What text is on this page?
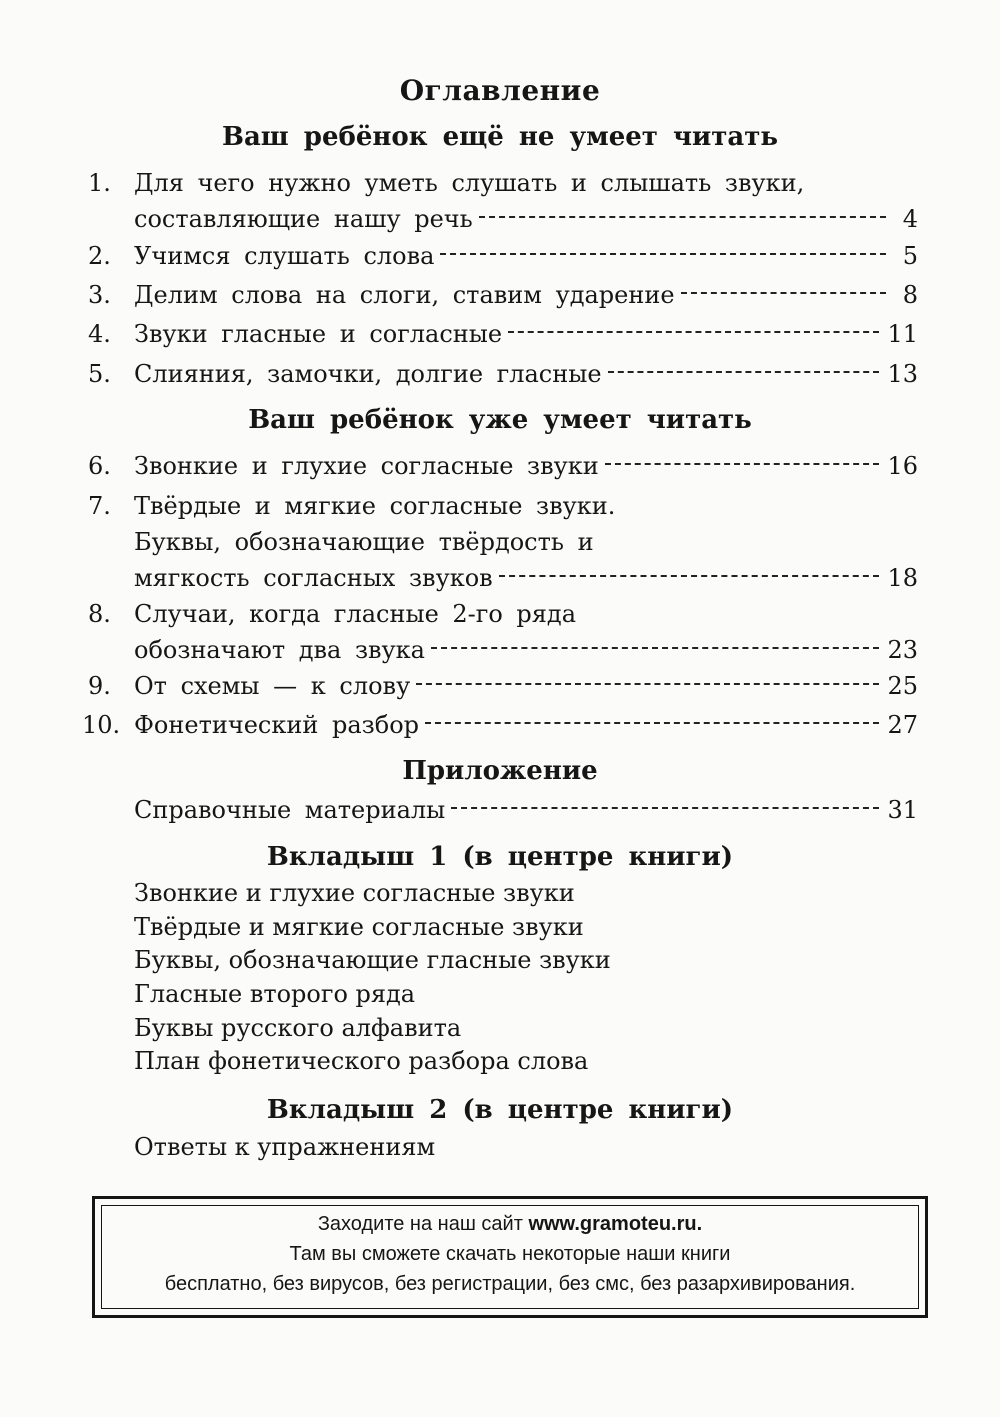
Оглавление
Ваш ребёнок ещё не умеет читать
1. Для чего нужно уметь слушать и слышать звуки,
составляющие нашу речь	4
2. Учимся слушать слова	5
3. Делим слова на слоги, ставим ударение	8
4. Звуки гласные и согласные	11
5. Слияния, замочки, долгие гласные	13
Ваш ребёнок уже умеет читать
6. Звонкие и глухие согласные звуки	16
7. Твёрдые и мягкие согласные звуки.
Буквы, обозначающие твёрдость и
мягкость согласных звуков	18
8. Случаи, когда гласные 2-го ряда
обозначают два звука	23
9. От схемы — к слову	25
10. Фонетический разбор	27
Приложение
Справочные материалы	31
Вкладыш 1 (в центре книги)
Звонкие и глухие согласные звуки
Твёрдые и мягкие согласные звуки
Буквы, обозначающие гласные звуки
Гласные второго ряда
Буквы русского алфавита
План фонетического разбора слова
Вкладыш 2 (в центре книги)
Ответы к упражнениям
Заходите на наш сайт www.gramoteu.ru.
Там вы сможете скачать некоторые наши книги
бесплатно, без вирусов, без регистрации, без смс, без разархивирования.
